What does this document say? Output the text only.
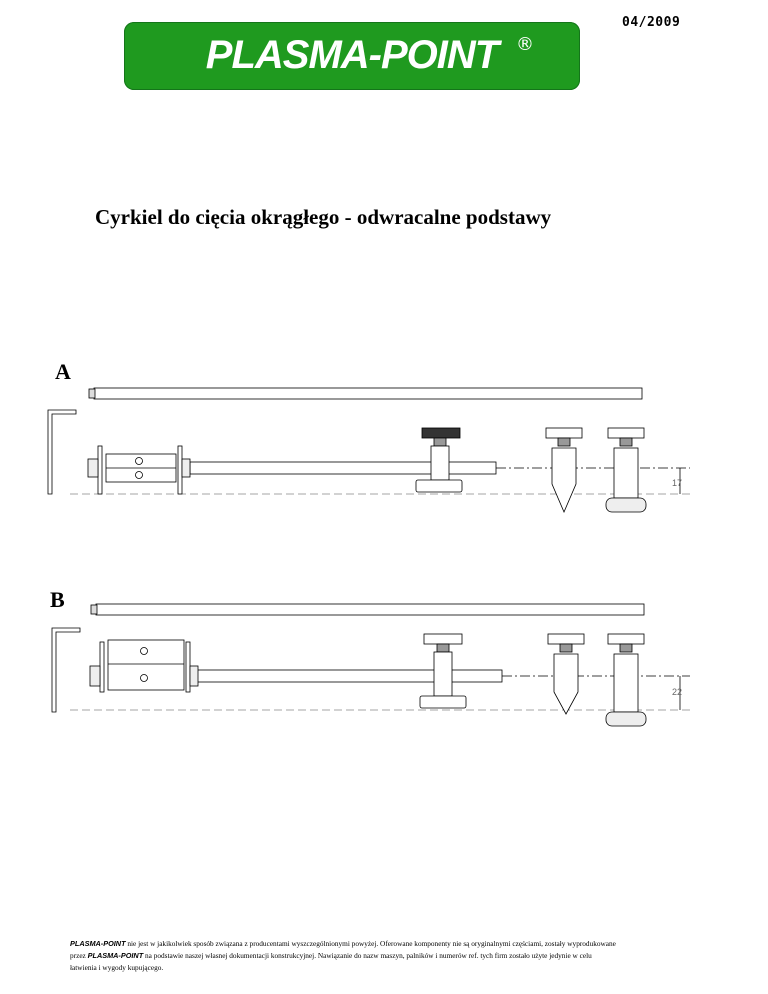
PLASMA-POINT ®
04/2009
Cyrkiel do cięcia okrągłego - odwracalne podstawy
A
B
17
22
PLASMA-POINT nie jest w jakikolwiek sposób związana z producentami wyszczególnionymi powyżej. Oferowane komponenty nie są oryginalnymi częściami, zostały wyprodukowane
przez PLASMA-POINT na podstawie naszej własnej dokumentacji konstrukcyjnej. Nawiązanie do nazw maszyn, palników i numerów ref. tych firm zostało użyte jedynie w celu
łatwienia i wygody kupującego.
